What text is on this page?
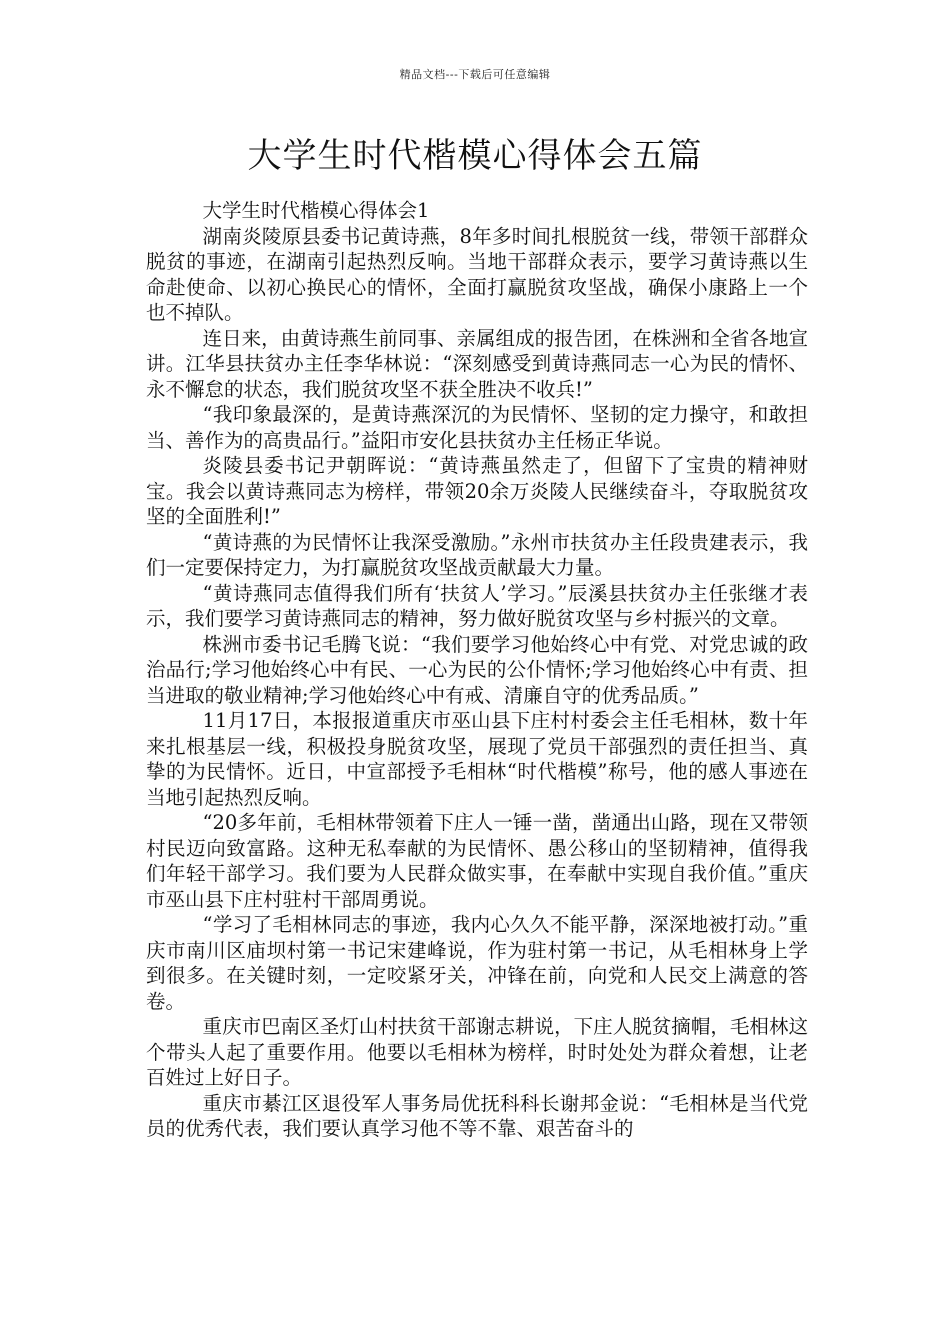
精品文档---下载后可任意编辑
大学生时代楷模心得体会五篇

大学生时代楷模心得体会1

湖南炎陵原县委书记黄诗燕，8年多时间扎根脱贫一线，带领干部群众脱贫的事迹，在湖南引起热烈反响。当地干部群众表示，要学习黄诗燕以生命赴使命、以初心换民心的情怀，全面打赢脱贫攻坚战，确保小康路上一个也不掉队。

连日来，由黄诗燕生前同事、亲属组成的报告团，在株洲和全省各地宣讲。江华县扶贫办主任李华林说：“深刻感受到黄诗燕同志一心为民的情怀、永不懈怠的状态，我们脱贫攻坚不获全胜决不收兵!”

“我印象最深的，是黄诗燕深沉的为民情怀、坚韧的定力操守，和敢担当、善作为的高贵品行。”益阳市安化县扶贫办主任杨正华说。

炎陵县委书记尹朝晖说：“黄诗燕虽然走了，但留下了宝贵的精神财宝。我会以黄诗燕同志为榜样，带领20余万炎陵人民继续奋斗，夺取脱贫攻坚的全面胜利!”

“黄诗燕的为民情怀让我深受激励。”永州市扶贫办主任段贵建表示，我们一定要保持定力，为打赢脱贫攻坚战贡献最大力量。

“黄诗燕同志值得我们所有‘扶贫人’学习。”辰溪县扶贫办主任张继才表示，我们要学习黄诗燕同志的精神，努力做好脱贫攻坚与乡村振兴的文章。

株洲市委书记毛腾飞说：“我们要学习他始终心中有党、对党忠诚的政治品行;学习他始终心中有民、一心为民的公仆情怀;学习他始终心中有责、担当进取的敬业精神;学习他始终心中有戒、清廉自守的优秀品质。”

11月17日，本报报道重庆市巫山县下庄村村委会主任毛相林，数十年来扎根基层一线，积极投身脱贫攻坚，展现了党员干部强烈的责任担当、真挚的为民情怀。近日，中宣部授予毛相林“时代楷模”称号，他的感人事迹在当地引起热烈反响。

“20多年前，毛相林带领着下庄人一锤一凿，凿通出山路，现在又带领村民迈向致富路。这种无私奉献的为民情怀、愚公移山的坚韧精神，值得我们年轻干部学习。我们要为人民群众做实事，在奉献中实现自我价值。”重庆市巫山县下庄村驻村干部周勇说。

“学习了毛相林同志的事迹，我内心久久不能平静，深深地被打动。”重庆市南川区庙坝村第一书记宋建峰说，作为驻村第一书记，从毛相林身上学到很多。在关键时刻，一定咬紧牙关，冲锋在前，向党和人民交上满意的答卷。

重庆市巴南区圣灯山村扶贫干部谢志耕说，下庄人脱贫摘帽，毛相林这个带头人起了重要作用。他要以毛相林为榜样，时时处处为群众着想，让老百姓过上好日子。

重庆市綦江区退役军人事务局优抚科科长谢邦金说：“毛相林是当代党员的优秀代表，我们要认真学习他不等不靠、艰苦奋斗的
